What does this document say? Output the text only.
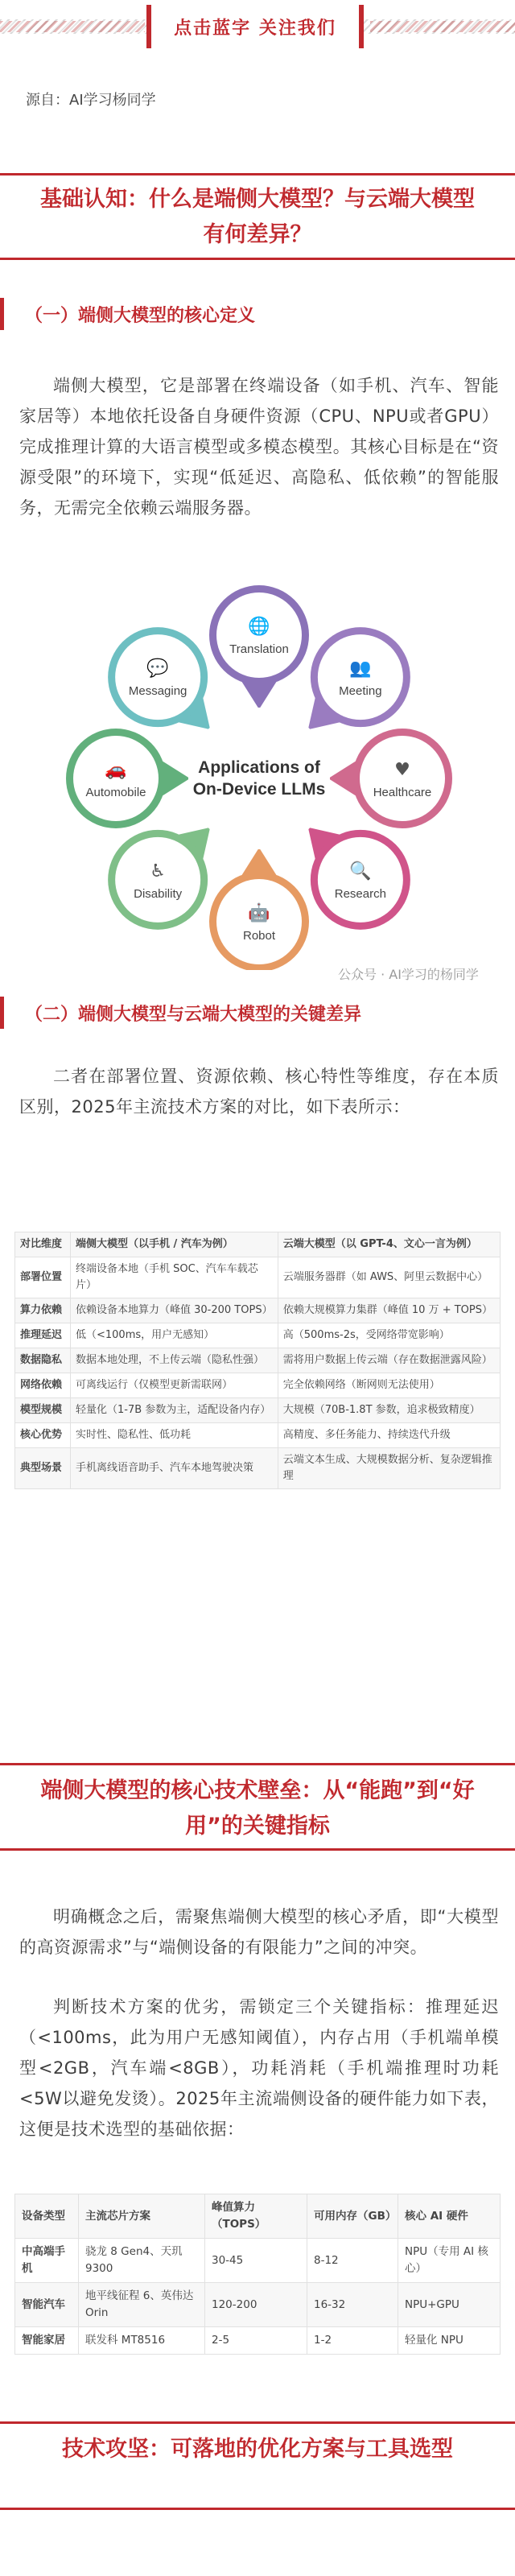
点击蓝字 关注我们
源自：AI学习杨同学
基础认知：什么是端侧大模型？与云端大模型有何差异？
（一）端侧大模型的核心定义
端侧大模型，它是部署在终端设备（如手机、汽车、智能家居等）本地依托设备自身硬件资源（CPU、NPU或者GPU）完成推理计算的大语言模型或多模态模型。其核心目标是在“资源受限”的环境下，实现“低延迟、高隐私、低依赖”的智能服务，无需完全依赖云端服务器。
🌐
Translation
👥
Meeting
♥
Healthcare
🔍
Research
🤖
Robot
♿
Disability
🚗
Automobile
💬
Messaging
Applications of
On-Device LLMs
公众号 · AI学习的杨同学
（二）端侧大模型与云端大模型的关键差异
二者在部署位置、资源依赖、核心特性等维度，存在本质区别，2025年主流技术方案的对比，如下表所示：
对比维度	端侧大模型（以手机 / 汽车为例）	云端大模型（以 GPT-4、文心一言为例）
部署位置	终端设备本地（手机 SOC、汽车车载芯片）	云端服务器群（如 AWS、阿里云数据中心）
算力依赖	依赖设备本地算力（峰值 30-200 TOPS）	依赖大规模算力集群（峰值 10 万 + TOPS）
推理延迟	低（<100ms，用户无感知）	高（500ms-2s，受网络带宽影响）
数据隐私	数据本地处理，不上传云端（隐私性强）	需将用户数据上传云端（存在数据泄露风险）
网络依赖	可离线运行（仅模型更新需联网）	完全依赖网络（断网则无法使用）
模型规模	轻量化（1-7B 参数为主，适配设备内存）	大规模（70B-1.8T 参数，追求极致精度）
核心优势	实时性、隐私性、低功耗	高精度、多任务能力、持续迭代升级
典型场景	手机离线语音助手、汽车本地驾驶决策	云端文本生成、大规模数据分析、复杂逻辑推理
端侧大模型的核心技术壁垒：从“能跑”到“好用”的关键指标
明确概念之后，需聚焦端侧大模型的核心矛盾，即“大模型的高资源需求”与“端侧设备的有限能力”之间的冲突。
判断技术方案的优劣，需锁定三个关键指标：推理延迟（<100ms，此为用户无感知阈值），内存占用（手机端单模型<2GB，汽车端<8GB），功耗消耗（手机端推理时功耗<5W以避免发烫）。2025年主流端侧设备的硬件能力如下表，这便是技术选型的基础依据：
设备类型	主流芯片方案	峰值算力（TOPS）	可用内存（GB）	核心 AI 硬件
中高端手机	骁龙 8 Gen4、天玑 9300	30-45	8-12	NPU（专用 AI 核心）
智能汽车	地平线征程 6、英伟达 Orin	120-200	16-32	NPU+GPU
智能家居	联发科 MT8516	2-5	1-2	轻量化 NPU
技术攻坚：可落地的优化方案与工具选型
